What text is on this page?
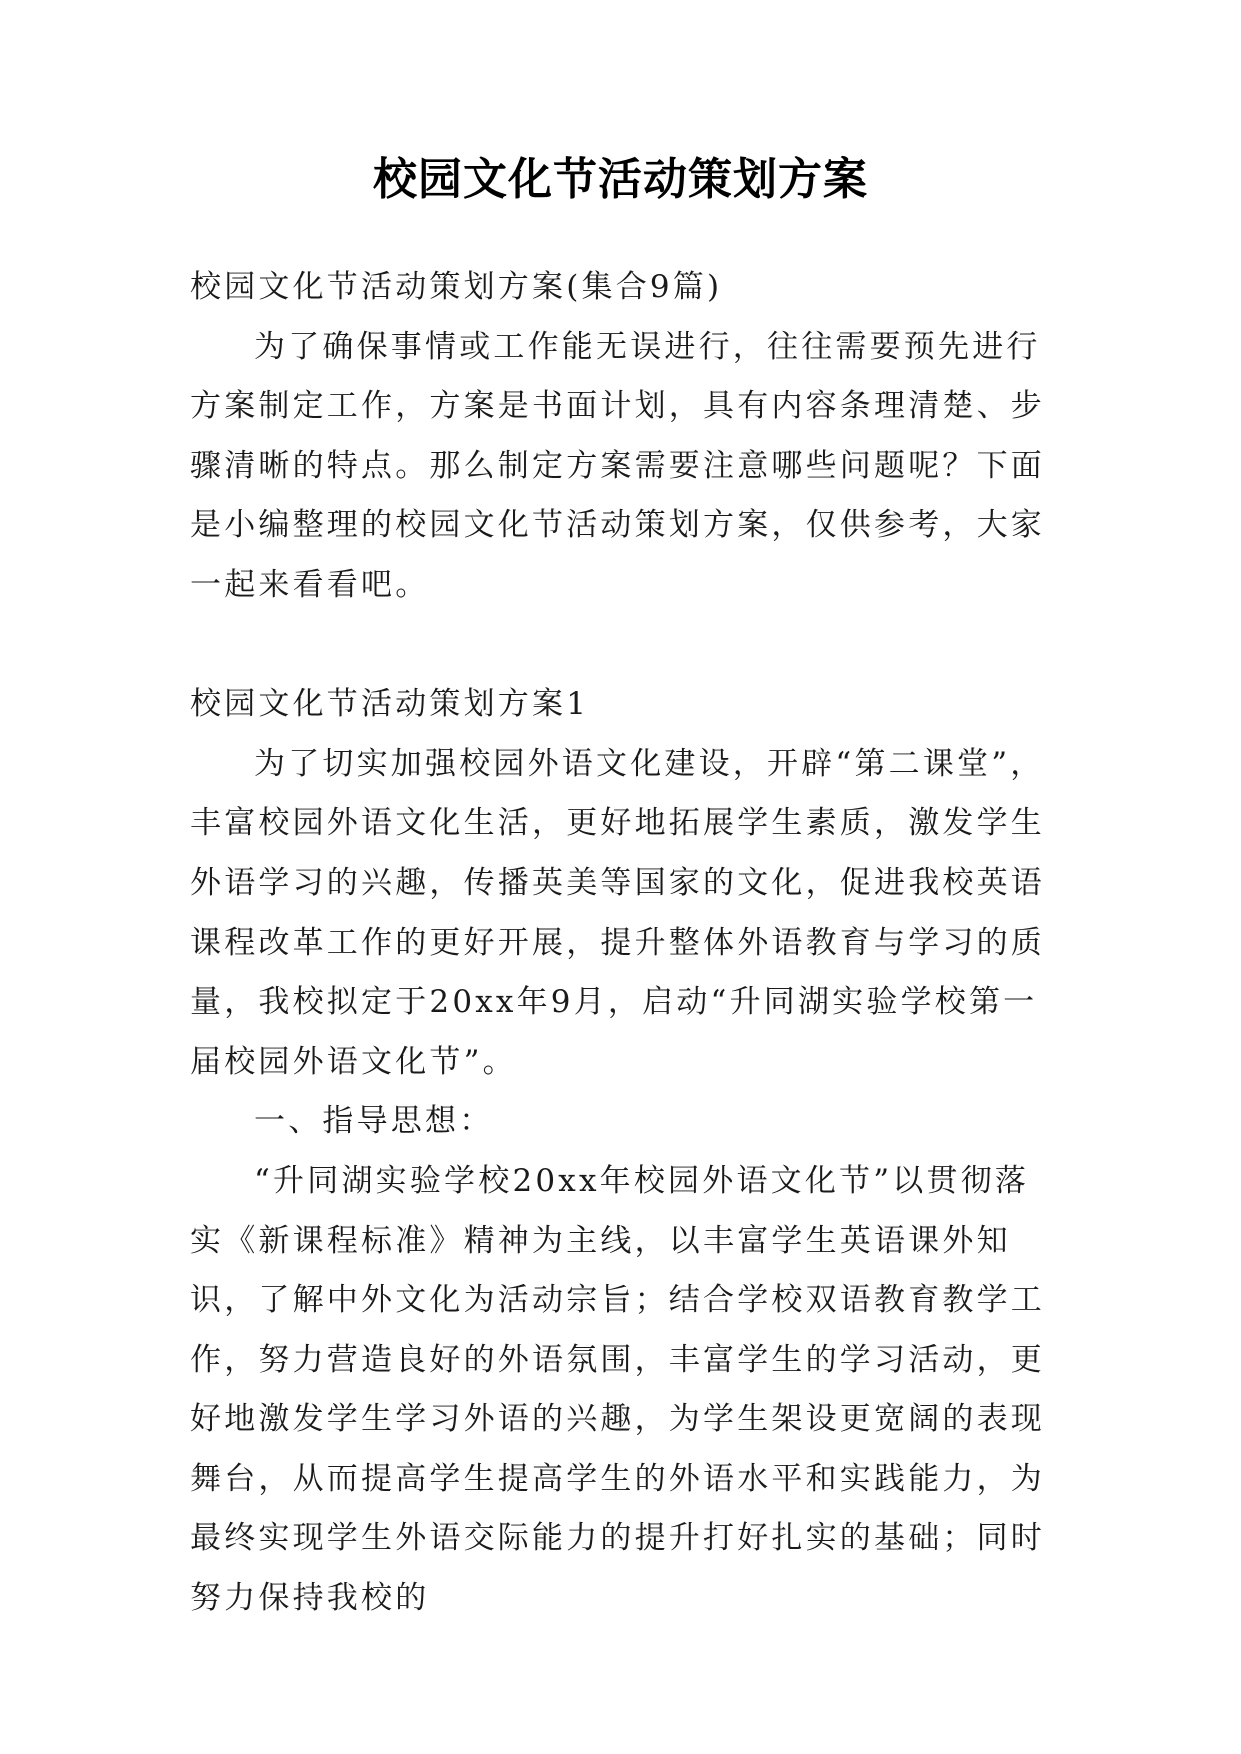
校园文化节活动策划方案

校园文化节活动策划方案(集合9篇)

为了确保事情或工作能无误进行，往往需要预先进行方案制定工作，方案是书面计划，具有内容条理清楚、步骤清晰的特点。那么制定方案需要注意哪些问题呢？下面是小编整理的校园文化节活动策划方案，仅供参考，大家一起来看看吧。

校园文化节活动策划方案1

为了切实加强校园外语文化建设，开辟“第二课堂”，丰富校园外语文化生活，更好地拓展学生素质，激发学生外语学习的兴趣，传播英美等国家的文化，促进我校英语课程改革工作的更好开展，提升整体外语教育与学习的质量，我校拟定于20xx年9月，启动“升同湖实验学校第一届校园外语文化节”。

一、指导思想：

“升同湖实验学校20xx年校园外语文化节”以贯彻落实《新课程标准》精神为主线，以丰富学生英语课外知识，了解中外文化为活动宗旨；结合学校双语教育教学工作，努力营造良好的外语氛围，丰富学生的学习活动，更好地激发学生学习外语的兴趣，为学生架设更宽阔的表现舞台，从而提高学生提高学生的外语水平和实践能力，为最终实现学生外语交际能力的提升打好扎实的基础；同时努力保持我校的
